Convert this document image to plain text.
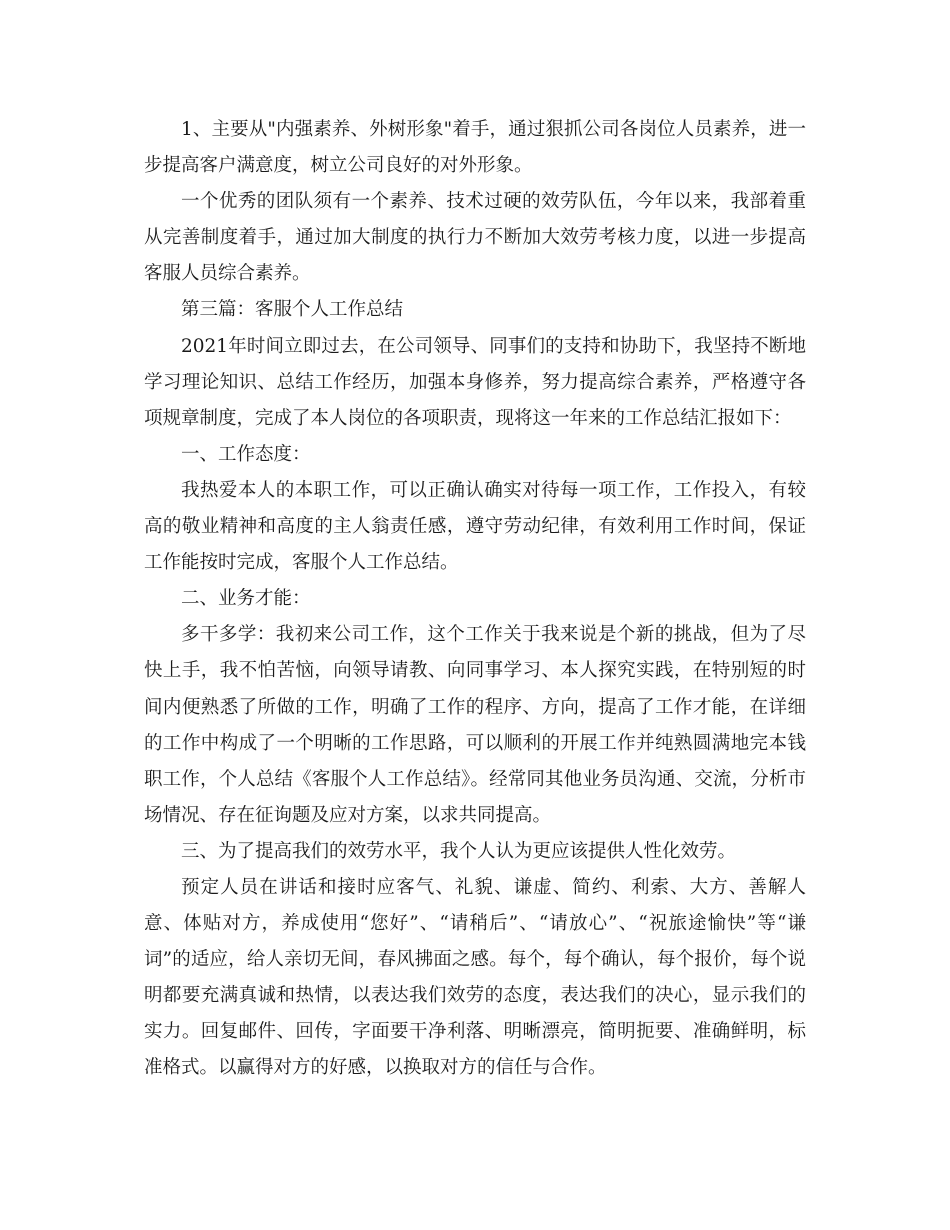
1、主要从"内强素养、外树形象"着手，通过狠抓公司各岗位人员素养，进一步提高客户满意度，树立公司良好的对外形象。

一个优秀的团队须有一个素养、技术过硬的效劳队伍，今年以来，我部着重从完善制度着手，通过加大制度的执行力不断加大效劳考核力度，以进一步提高客服人员综合素养。

第三篇：客服个人工作总结

2021年时间立即过去，在公司领导、同事们的支持和协助下，我坚持不断地学习理论知识、总结工作经历，加强本身修养，努力提高综合素养，严格遵守各项规章制度，完成了本人岗位的各项职责，现将这一年来的工作总结汇报如下：

一、工作态度：

我热爱本人的本职工作，可以正确认确实对待每一项工作，工作投入，有较高的敬业精神和高度的主人翁责任感，遵守劳动纪律，有效利用工作时间，保证工作能按时完成，客服个人工作总结。

二、业务才能：

多干多学：我初来公司工作，这个工作关于我来说是个新的挑战，但为了尽快上手，我不怕苦恼，向领导请教、向同事学习、本人探究实践，在特别短的时间内便熟悉了所做的工作，明确了工作的程序、方向，提高了工作才能，在详细的工作中构成了一个明晰的工作思路，可以顺利的开展工作并纯熟圆满地完本钱职工作，个人总结《客服个人工作总结》。经常同其他业务员沟通、交流，分析市场情况、存在征询题及应对方案，以求共同提高。

三、为了提高我们的效劳水平，我个人认为更应该提供人性化效劳。

预定人员在讲话和接时应客气、礼貌、谦虚、简约、利索、大方、善解人意、体贴对方，养成使用“您好”、“请稍后”、“请放心”、“祝旅途愉快”等“谦词”的适应，给人亲切无间，春风拂面之感。每个，每个确认，每个报价，每个说明都要充满真诚和热情，以表达我们效劳的态度，表达我们的决心，显示我们的实力。回复邮件、回传，字面要干净利落、明晰漂亮，简明扼要、准确鲜明，标准格式。以赢得对方的好感，以换取对方的信任与合作。
